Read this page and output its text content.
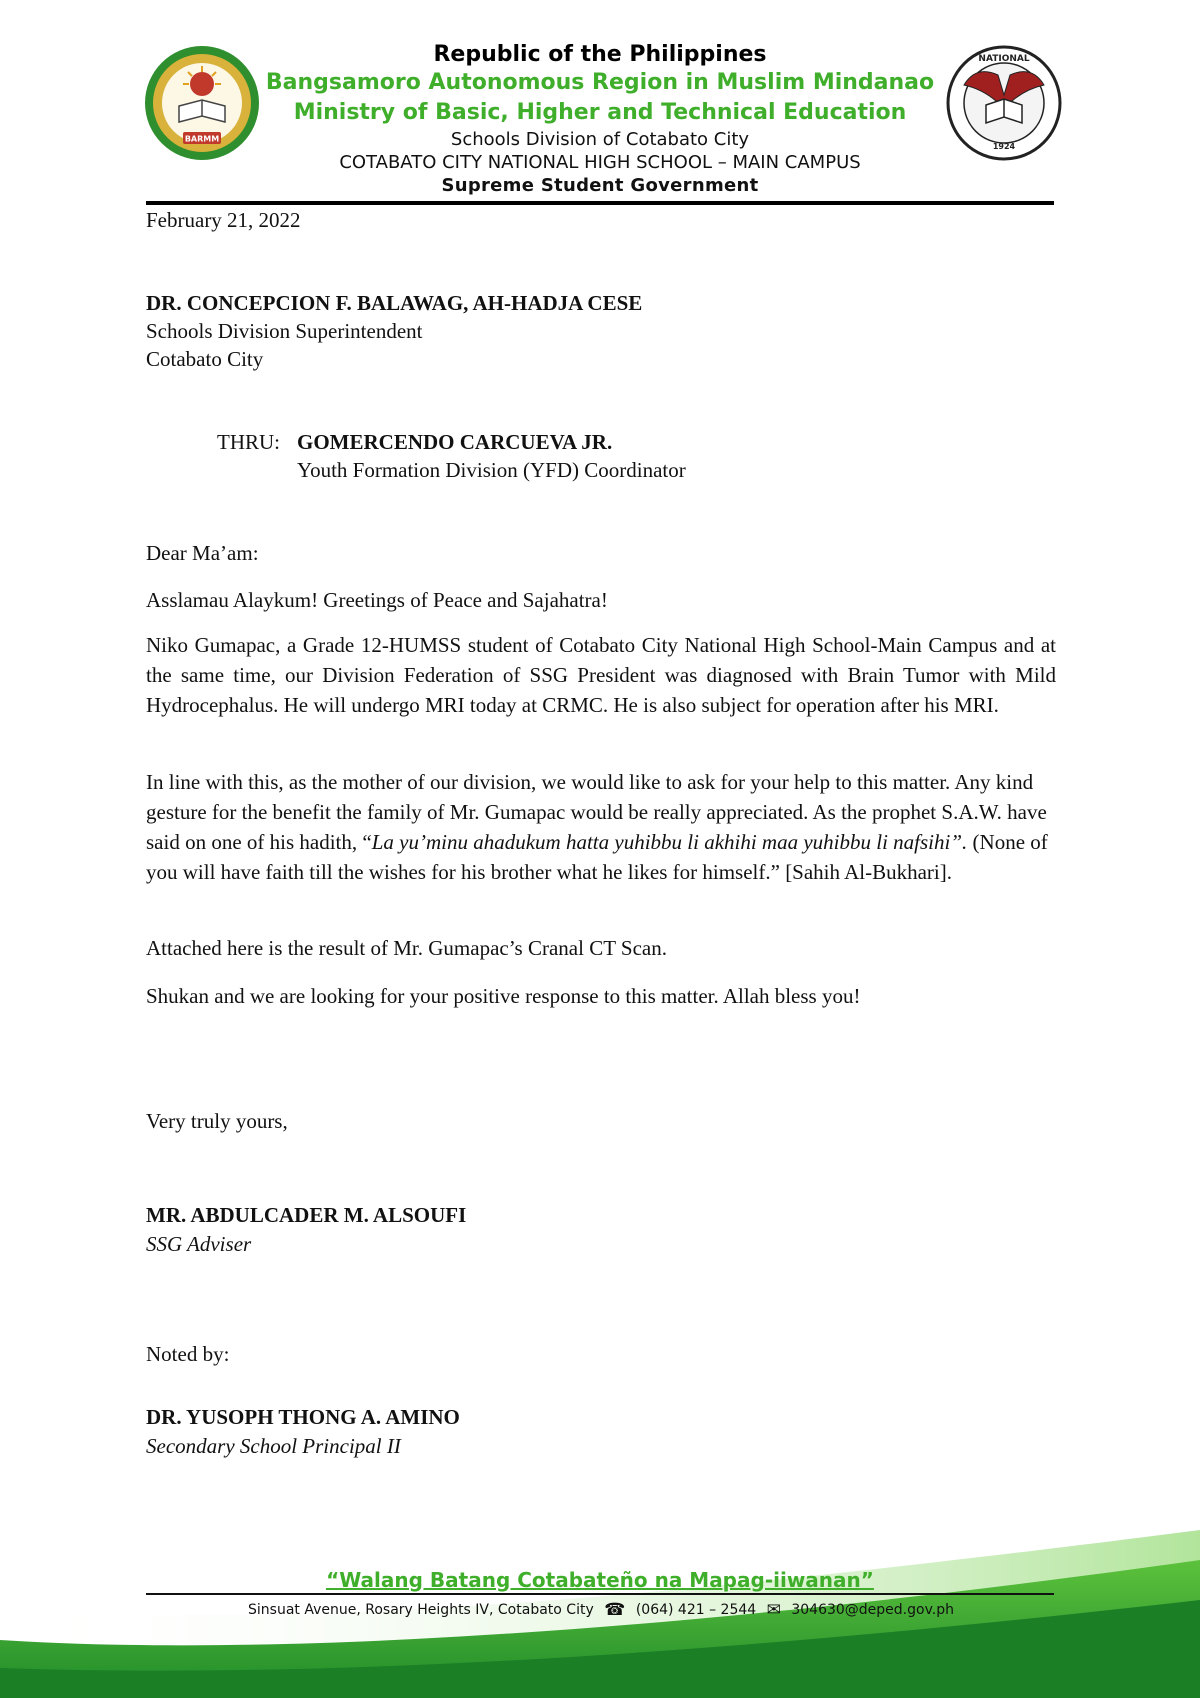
BARMM
NATIONAL
1924
Republic of the Philippines
Bangsamoro Autonomous Region in Muslim Mindanao
Ministry of Basic, Higher and Technical Education
Schools Division of Cotabato City
COTABATO CITY NATIONAL HIGH SCHOOL – MAIN CAMPUS
Supreme Student Government
February 21, 2022
DR. CONCEPCION F. BALAWAG, AH-HADJA CESE
Schools Division Superintendent
Cotabato City
THRU: GOMERCENDO CARCUEVA JR.
Youth Formation Division (YFD) Coordinator
Dear Ma’am:
Asslamau Alaykum! Greetings of Peace and Sajahatra!
Niko Gumapac, a Grade 12-HUMSS student of Cotabato City National High School-Main Campus and at the same time, our Division Federation of SSG President was diagnosed with Brain Tumor with Mild Hydrocephalus. He will undergo MRI today at CRMC. He is also subject for operation after his MRI.
In line with this, as the mother of our division, we would like to ask for your help to this matter. Any kind gesture for the benefit the family of Mr. Gumapac would be really appreciated. As the prophet S.A.W. have said on one of his hadith, “La yu’minu ahadukum hatta yuhibbu li akhihi maa yuhibbu li nafsihi”. (None of you will have faith till the wishes for his brother what he likes for himself.” [Sahih Al-Bukhari].
Attached here is the result of Mr. Gumapac’s Cranal CT Scan.
Shukan and we are looking for your positive response to this matter. Allah bless you!
Very truly yours,
MR. ABDULCADER M. ALSOUFI
SSG Adviser
Noted by:
DR. YUSOPH THONG A. AMINO
Secondary School Principal II
“Walang Batang Cotabateño na Mapag-iiwanan”
Sinsuat Avenue, Rosary Heights IV, Cotabato City ☎ (064) 421 – 2544 ✉ 304630@deped.gov.ph
